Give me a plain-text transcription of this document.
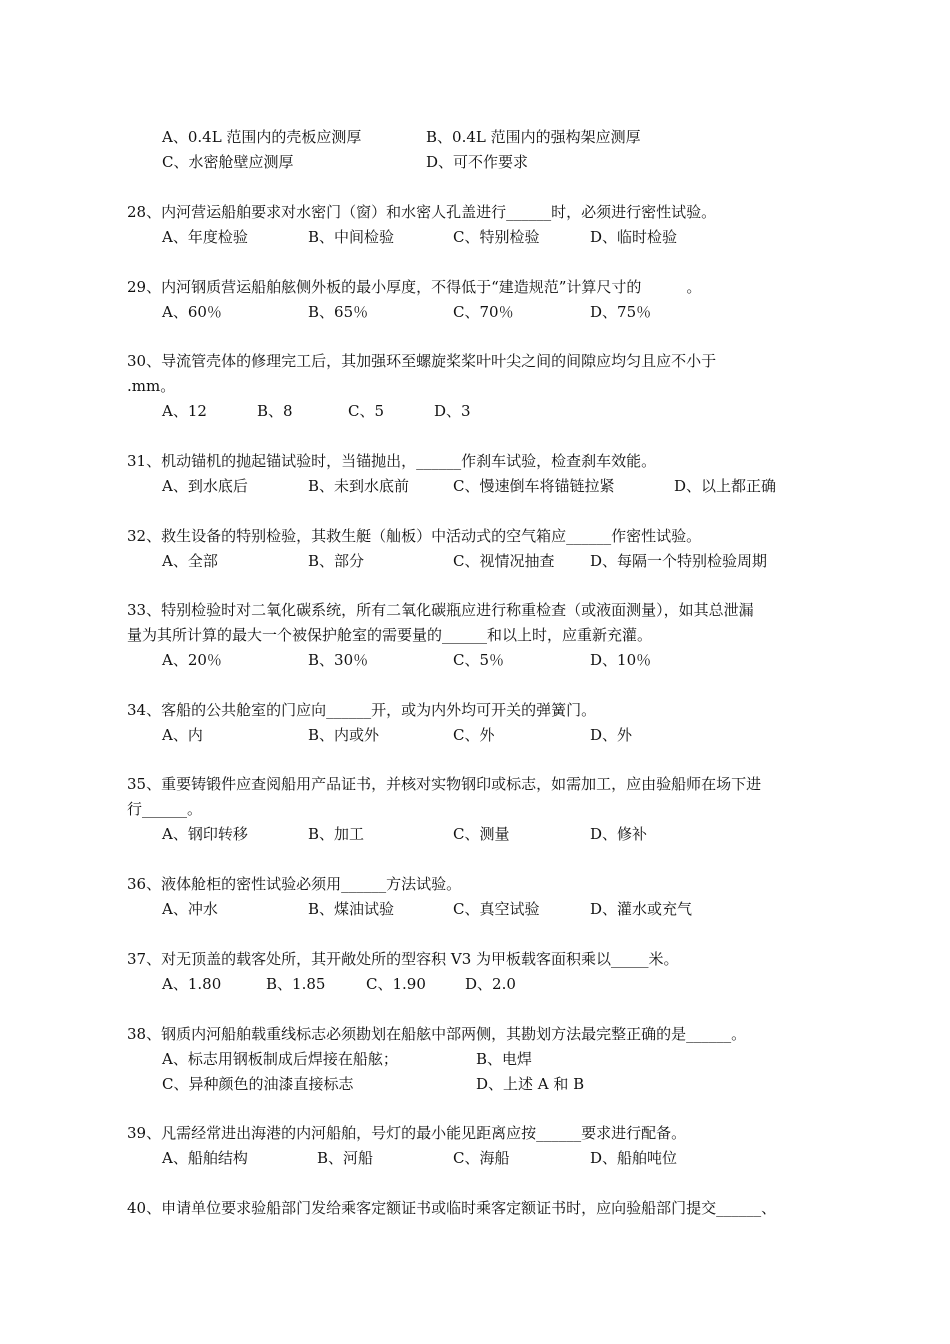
A、0.4L 范围内的壳板应测厚	B、0.4L 范围内的强构架应测厚
C、水密舱壁应测厚	D、可不作要求
28、内河营运船舶要求对水密门（窗）和水密人孔盖进行______时，必须进行密性试验。
A、年度检验	B、中间检验	C、特别检验	D、临时检验
29、内河钢质营运船舶舷侧外板的最小厚度，不得低于“建造规范”计算尺寸的　　　。
A、60％	B、65％	C、70％	D、75％
30、导流管壳体的修理完工后，其加强环至螺旋桨桨叶叶尖之间的间隙应均匀且应不小于
.mm。
A、12	B、8	C、5	D、3
31、机动锚机的抛起锚试验时，当锚抛出，______作刹车试验，检查刹车效能。
A、到水底后	B、未到水底前	C、慢速倒车将锚链拉紧	D、以上都正确
32、救生设备的特别检验，其救生艇（舢板）中活动式的空气箱应______作密性试验。
A、全部	B、部分	C、视情况抽查 D、每隔一个特别检验周期
33、特别检验时对二氧化碳系统，所有二氧化碳瓶应进行称重检查（或液面测量），如其总泄漏
量为其所计算的最大一个被保护舱室的需要量的______和以上时，应重新充灌。
A、20％	B、30％	C、5％	D、10％
34、客船的公共舱室的门应向______开，或为内外均可开关的弹簧门。
A、内	B、内或外	C、外	D、外
35、重要铸锻件应查阅船用产品证书，并核对实物钢印或标志，如需加工，应由验船师在场下进
行______。
A、钢印转移	B、加工	C、测量	D、修补
36、液体舱柜的密性试验必须用______方法试验。
A、冲水	B、煤油试验	C、真空试验	D、灌水或充气
37、对无顶盖的载客处所，其开敞处所的型容积 V3 为甲板载客面积乘以_____米。
A、1.80	B、1.85	C、1.90	D、2.0
38、钢质内河船舶载重线标志必须勘划在船舷中部两侧，其勘划方法最完整正确的是______。
A、标志用钢板制成后焊接在船舷；	B、电焊
C、异种颜色的油漆直接标志	D、上述 A 和 B
39、凡需经常进出海港的内河船舶，号灯的最小能见距离应按______要求进行配备。
A、船舶结构	B、河船	C、海船	D、船舶吨位
40、申请单位要求验船部门发给乘客定额证书或临时乘客定额证书时，应向验船部门提交______、
